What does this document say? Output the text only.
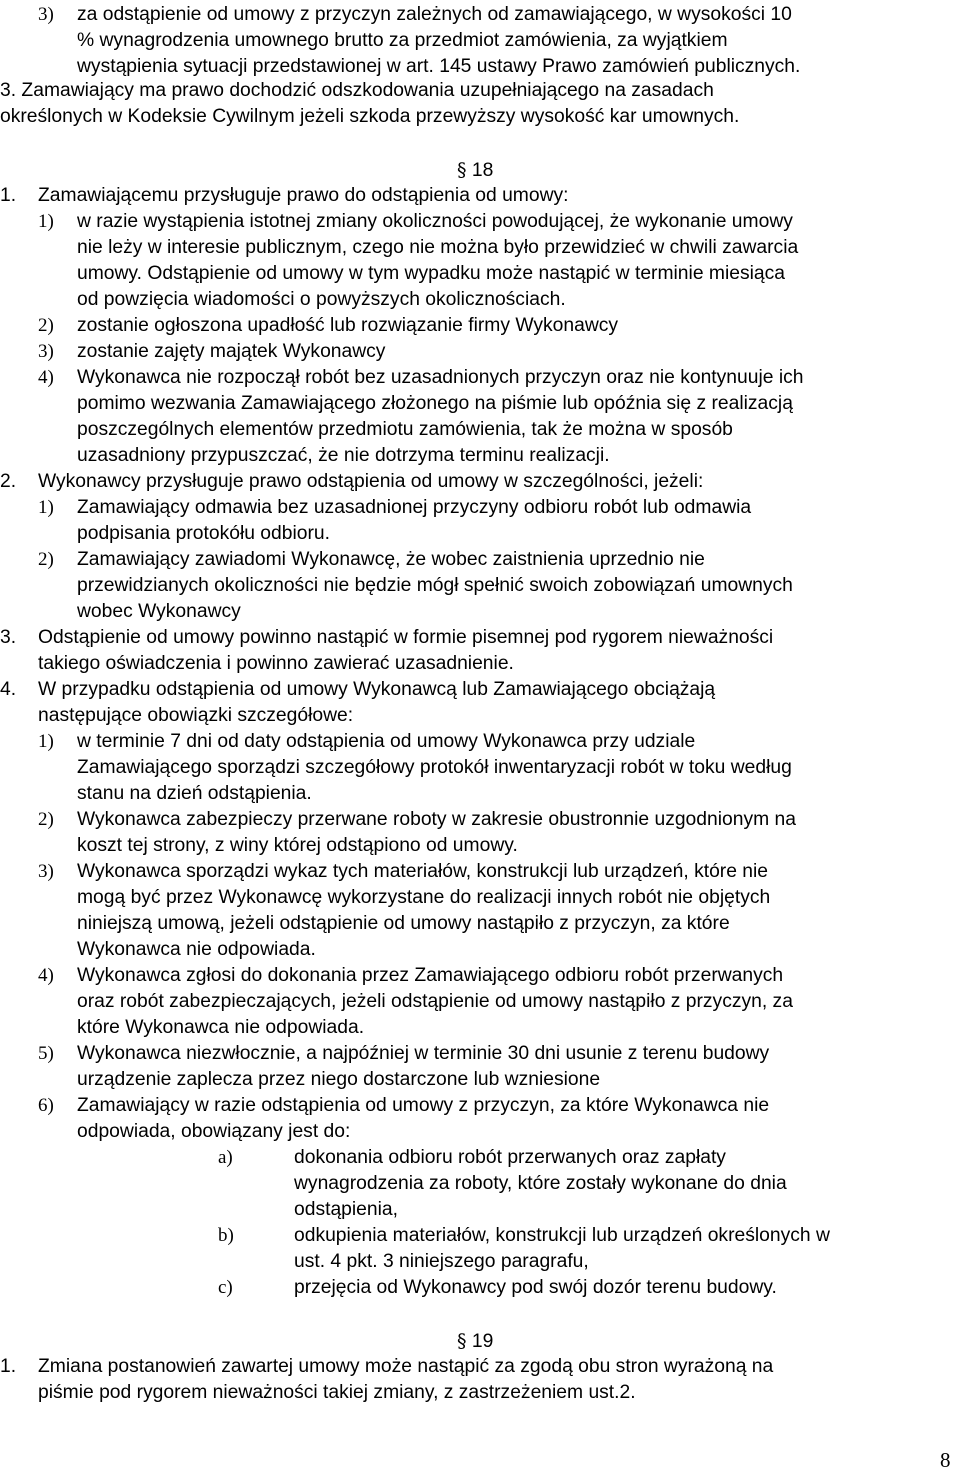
3) za odstąpienie od umowy z przyczyn zależnych od zamawiającego, w wysokości 10
% wynagrodzenia umownego brutto za przedmiot zamówienia, za wyjątkiem
wystąpienia sytuacji przedstawionej w art. 145 ustawy Prawo zamówień publicznych.
3. Zamawiający ma prawo dochodzić odszkodowania uzupełniającego na zasadach
określonych w Kodeksie Cywilnym jeżeli szkoda przewyższy wysokość kar umownych.
§ 18
1. Zamawiającemu przysługuje prawo do odstąpienia od umowy:
1) w razie wystąpienia istotnej zmiany okoliczności powodującej, że wykonanie umowy
nie leży w interesie publicznym, czego nie można było przewidzieć w chwili zawarcia
umowy. Odstąpienie od umowy w tym wypadku może nastąpić w terminie miesiąca
od powzięcia wiadomości o powyższych okolicznościach.
2) zostanie ogłoszona upadłość lub rozwiązanie firmy Wykonawcy
3) zostanie zajęty majątek Wykonawcy
4) Wykonawca nie rozpoczął robót bez uzasadnionych przyczyn oraz nie kontynuuje ich
pomimo wezwania Zamawiającego złożonego na piśmie lub opóźnia się z realizacją
poszczególnych elementów przedmiotu zamówienia, tak że można w sposób
uzasadniony przypuszczać, że nie dotrzyma terminu realizacji.
2. Wykonawcy przysługuje prawo odstąpienia od umowy w szczególności, jeżeli:
1) Zamawiający odmawia bez uzasadnionej przyczyny odbioru robót lub odmawia
podpisania protokółu odbioru.
2) Zamawiający zawiadomi Wykonawcę, że wobec zaistnienia uprzednio nie
przewidzianych okoliczności nie będzie mógł spełnić swoich zobowiązań umownych
wobec Wykonawcy
3. Odstąpienie od umowy powinno nastąpić w formie pisemnej pod rygorem nieważności
takiego oświadczenia i powinno zawierać uzasadnienie.
4. W przypadku odstąpienia od umowy Wykonawcą lub Zamawiającego obciążają
następujące obowiązki szczegółowe:
1) w terminie 7 dni od daty odstąpienia od umowy Wykonawca przy udziale
Zamawiającego sporządzi szczegółowy protokół inwentaryzacji robót w toku według
stanu na dzień odstąpienia.
2) Wykonawca zabezpieczy przerwane roboty w zakresie obustronnie uzgodnionym na
koszt tej strony, z winy której odstąpiono od umowy.
3) Wykonawca sporządzi wykaz tych materiałów, konstrukcji lub urządzeń, które nie
mogą być przez Wykonawcę wykorzystane do realizacji innych robót nie objętych
niniejszą umową, jeżeli odstąpienie od umowy nastąpiło z przyczyn, za które
Wykonawca nie odpowiada.
4) Wykonawca zgłosi do dokonania przez Zamawiającego odbioru robót przerwanych
oraz robót zabezpieczających, jeżeli odstąpienie od umowy nastąpiło z przyczyn, za
które Wykonawca nie odpowiada.
5) Wykonawca niezwłocznie, a najpóźniej w terminie 30 dni usunie z terenu budowy
urządzenie zaplecza przez niego dostarczone lub wzniesione
6) Zamawiający w razie odstąpienia od umowy z przyczyn, za które Wykonawca nie
odpowiada, obowiązany jest do:
a)	dokonania odbioru robót przerwanych oraz zapłaty
wynagrodzenia za roboty, które zostały wykonane do dnia
odstąpienia,
b)	odkupienia materiałów, konstrukcji lub urządzeń określonych w
ust. 4 pkt. 3 niniejszego paragrafu,
c)	przejęcia od Wykonawcy pod swój dozór terenu budowy.
§ 19
1. Zmiana postanowień zawartej umowy może nastąpić za zgodą obu stron wyrażoną na
piśmie pod rygorem nieważności takiej zmiany, z zastrzeżeniem ust.2.
8
